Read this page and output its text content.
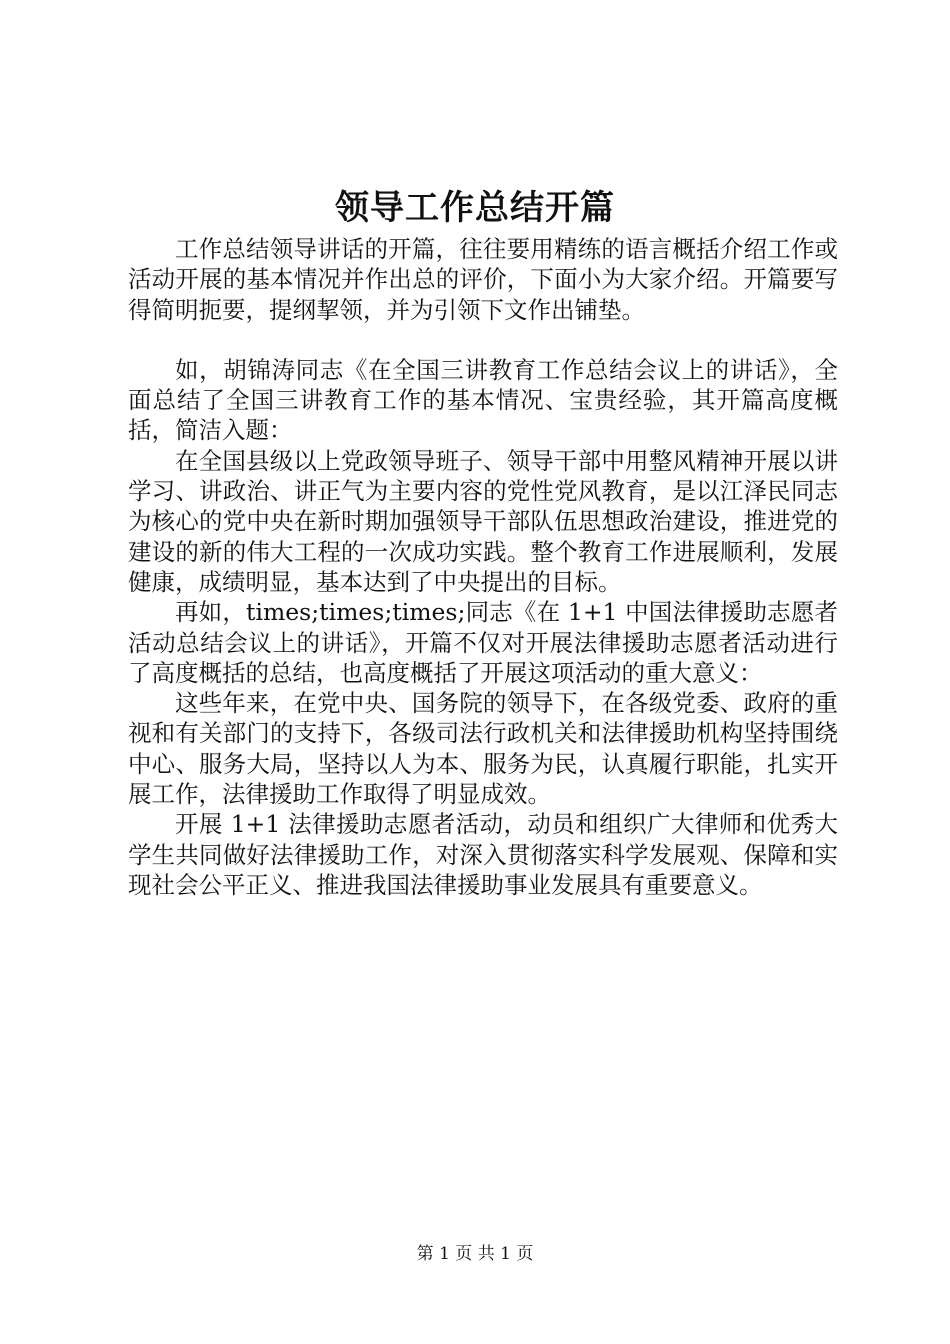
领导工作总结开篇

工作总结领导讲话的开篇，往往要用精练的语言概括介绍工作或活动开展的基本情况并作出总的评价，下面小为大家介绍。开篇要写得简明扼要，提纲挈领，并为引领下文作出铺垫。

如，胡锦涛同志《在全国三讲教育工作总结会议上的讲话》，全面总结了全国三讲教育工作的基本情况、宝贵经验，其开篇高度概括，简洁入题：

在全国县级以上党政领导班子、领导干部中用整风精神开展以讲学习、讲政治、讲正气为主要内容的党性党风教育，是以江泽民同志为核心的党中央在新时期加强领导干部队伍思想政治建设，推进党的建设的新的伟大工程的一次成功实践。整个教育工作进展顺利，发展健康，成绩明显，基本达到了中央提出的目标。

再如，times;times;times;同志《在 1+1 中国法律援助志愿者活动总结会议上的讲话》，开篇不仅对开展法律援助志愿者活动进行了高度概括的总结，也高度概括了开展这项活动的重大意义：

这些年来，在党中央、国务院的领导下，在各级党委、政府的重视和有关部门的支持下，各级司法行政机关和法律援助机构坚持围绕中心、服务大局，坚持以人为本、服务为民，认真履行职能，扎实开展工作，法律援助工作取得了明显成效。

开展 1+1 法律援助志愿者活动，动员和组织广大律师和优秀大学生共同做好法律援助工作，对深入贯彻落实科学发展观、保障和实现社会公平正义、推进我国法律援助事业发展具有重要意义。

第 1 页 共 1 页
